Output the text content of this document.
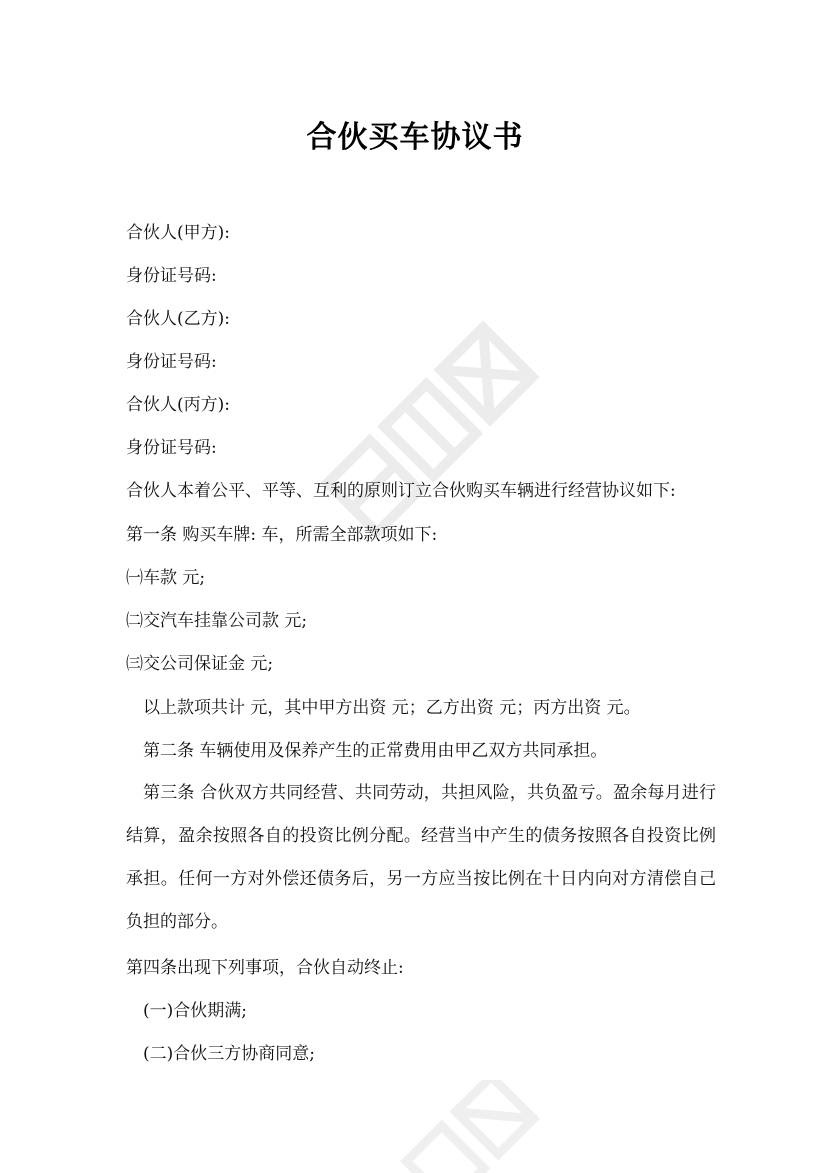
合伙买车协议书
合伙人(甲方):
身份证号码:
合伙人(乙方):
身份证号码:
合伙人(丙方):
身份证号码:
合伙人本着公平、平等、互利的原则订立合伙购买车辆进行经营协议如下:
第一条 购买车牌: 车，所需全部款项如下:
㈠车款 元;
㈡交汽车挂靠公司款 元;
㈢交公司保证金 元;
以上款项共计 元，其中甲方出资 元；乙方出资 元；丙方出资 元。
第二条 车辆使用及保养产生的正常费用由甲乙双方共同承担。
第三条 合伙双方共同经营、共同劳动，共担风险，共负盈亏。盈余每月进行结算，盈余按照各自的投资比例分配。经营当中产生的债务按照各自投资比例承担。任何一方对外偿还债务后，另一方应当按比例在十日内向对方清偿自己负担的部分。
第四条出现下列事项，合伙自动终止:
(一)合伙期满;
(二)合伙三方协商同意;
